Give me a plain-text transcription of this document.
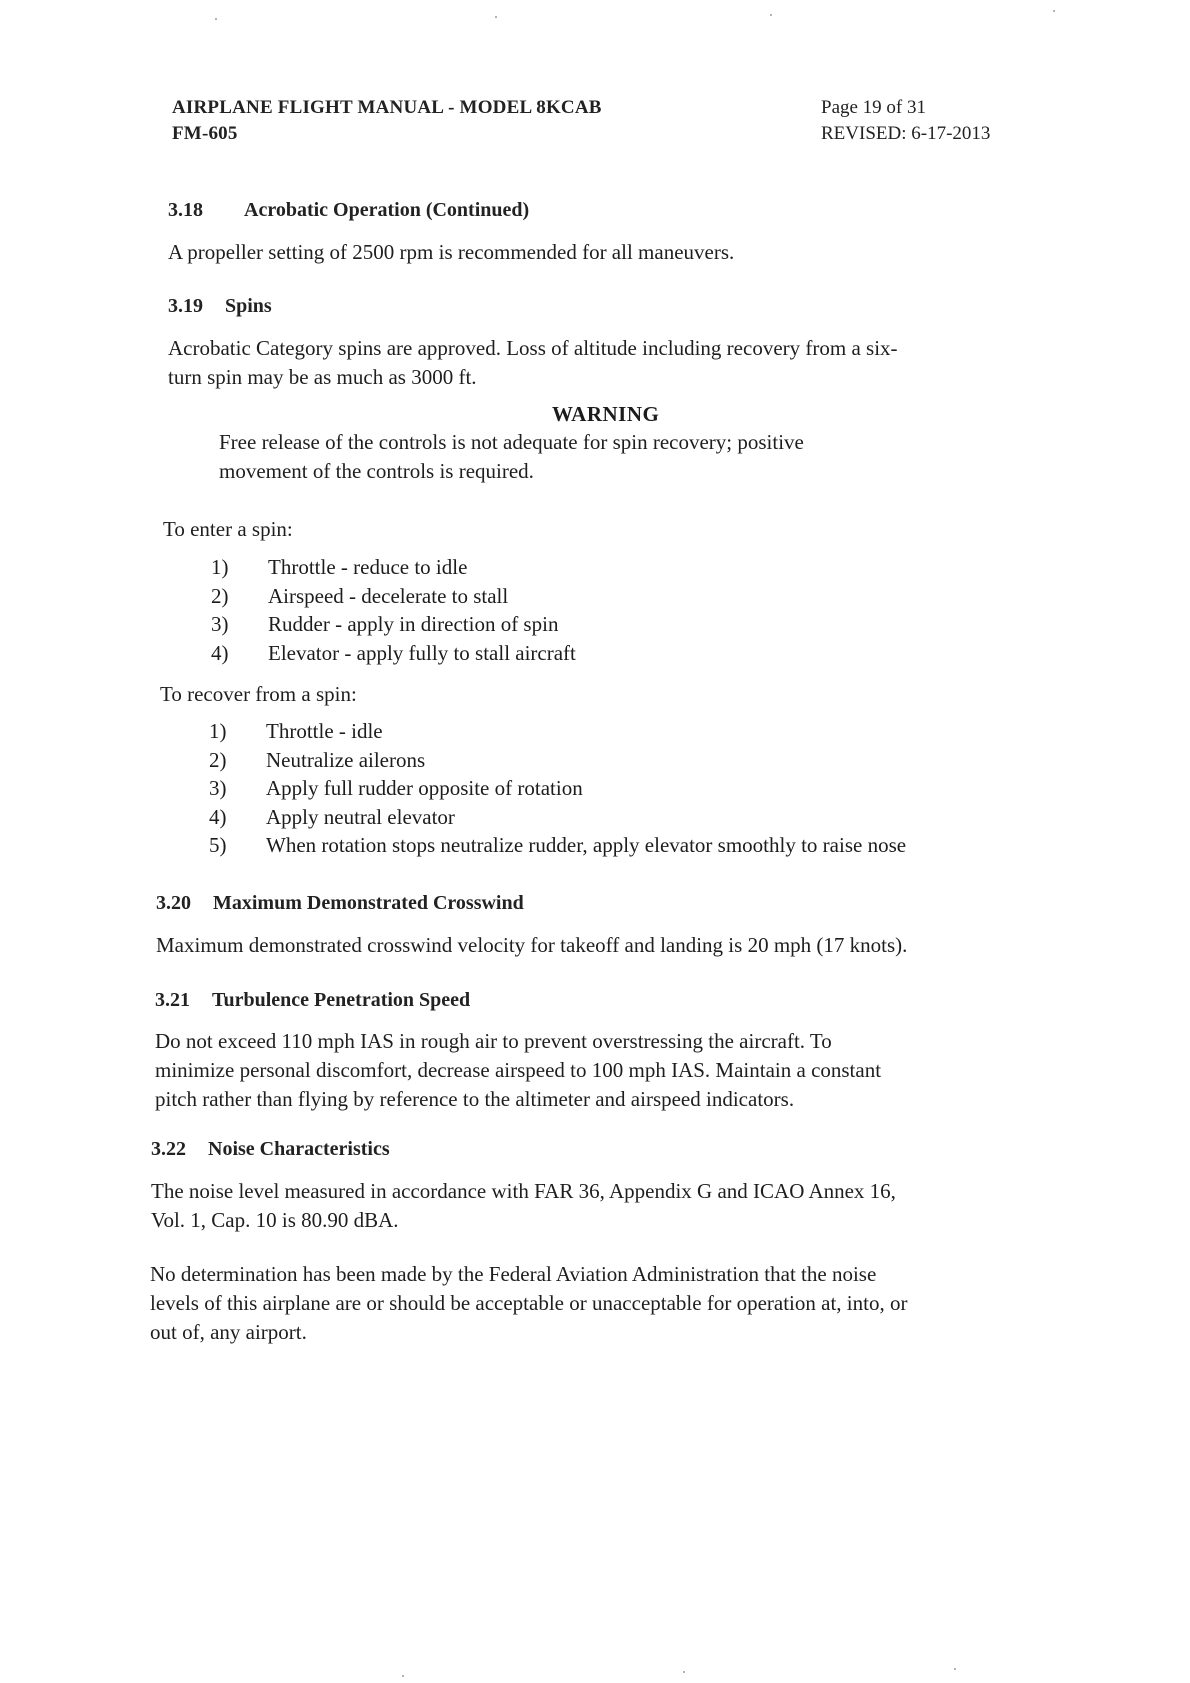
AIRPLANE FLIGHT MANUAL - MODEL 8KCAB
FM-605
Page 19 of 31
REVISED: 6-17-2013
3.18 Acrobatic Operation (Continued)
A propeller setting of 2500 rpm is recommended for all maneuvers.
3.19 Spins
Acrobatic Category spins are approved. Loss of altitude including recovery from a six-
turn spin may be as much as 3000 ft.
WARNING
Free release of the controls is not adequate for spin recovery; positive
movement of the controls is required.
To enter a spin:
1) Throttle - reduce to idle
2) Airspeed - decelerate to stall
3) Rudder - apply in direction of spin
4) Elevator - apply fully to stall aircraft
To recover from a spin:
1) Throttle - idle
2) Neutralize ailerons
3) Apply full rudder opposite of rotation
4) Apply neutral elevator
5) When rotation stops neutralize rudder, apply elevator smoothly to raise nose
3.20 Maximum Demonstrated Crosswind
Maximum demonstrated crosswind velocity for takeoff and landing is 20 mph (17 knots).
3.21 Turbulence Penetration Speed
Do not exceed 110 mph IAS in rough air to prevent overstressing the aircraft. To
minimize personal discomfort, decrease airspeed to 100 mph IAS. Maintain a constant
pitch rather than flying by reference to the altimeter and airspeed indicators.
3.22 Noise Characteristics
The noise level measured in accordance with FAR 36, Appendix G and ICAO Annex 16,
Vol. 1, Cap. 10 is 80.90 dBA.
No determination has been made by the Federal Aviation Administration that the noise
levels of this airplane are or should be acceptable or unacceptable for operation at, into, or
out of, any airport.
